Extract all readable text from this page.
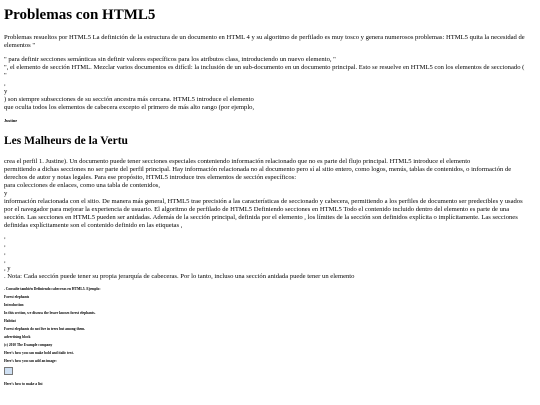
Problemas con HTML5

Problemas resueltos por HTML5 La definición de la estructura de un documento en HTML 4 y su algoritmo de perfilado es muy tosco y genera numerosos problemas: HTML5 quita la necesidad de

elementos "

" para definir secciones semánticas sin definir valores específicos para los atributos class, introduciendo un nuevo elemento, "

", el elemento de sección HTML. Mezclar varios documentos es difícil: la inclusión de un sub-documento en un documento principal. Esto se resuelve en HTML5 con los elementos de seccionado (

"

,

y

) son siempre subsecciones de su sección ancestra más cercana. HTML5 introduce el elemento

que oculta todos los elementos de cabecera excepto el primero de más alto rango (por ejemplo,

Justine

Les Malheurs de la Vertu

crea el perfil 1. Justine). Un documento puede tener secciones especiales conteniendo información relacionado que no es parte del flujo principal. HTML5 introduce el elemento

permitiendo a dichas secciones no ser parte del perfil principal. Hay información relacionada no al documento pero sí al sitio entero, como logos, menús, tablas de contenidos, o información de

derechos de autor y notas legales. Para ese propósito, HTML5 introduce tres elementos de sección específicos:

para colecciones de enlaces, como una tabla de contenidos,

y

información relacionada con el sitio. De manera más general, HTML5 trae precisión a las características de seccionado y cabecera, permitiendo a los perfiles de documento ser predecibles y usados

por el navegador para mejorar la experiencia de usuario. El algoritmo de perfilado de HTML5 Definiendo secciones en HTML5 Todo el contenido incluido dentro del elemento es parte de una

sección. Las secciones en HTML5 pueden ser anidadas. Además de la sección principal, definida por el elemento , los límites de la sección son definidos explícita o implícitamente. Las secciones

definidas explícitamente son el contenido definido en las etiquetas ,

,

,

,

,

, y

. Nota: Cada sección puede tener su propia jerarquía de cabeceras. Por lo tanto, incluso una sección anidada puede tener un elemento

. Consulte también Definiendo cabeceras en HTML5. Ejemplo:

Forest elephants

Introduction

In this section, we discuss the lesser known forest elephants.

Habitat

Forest elephants do not live in trees but among them.

advertising block

(c) 2010 The Example company

Here's how you can make bold and italic text.

Here's how you can add an image:

Here's how to make a list
